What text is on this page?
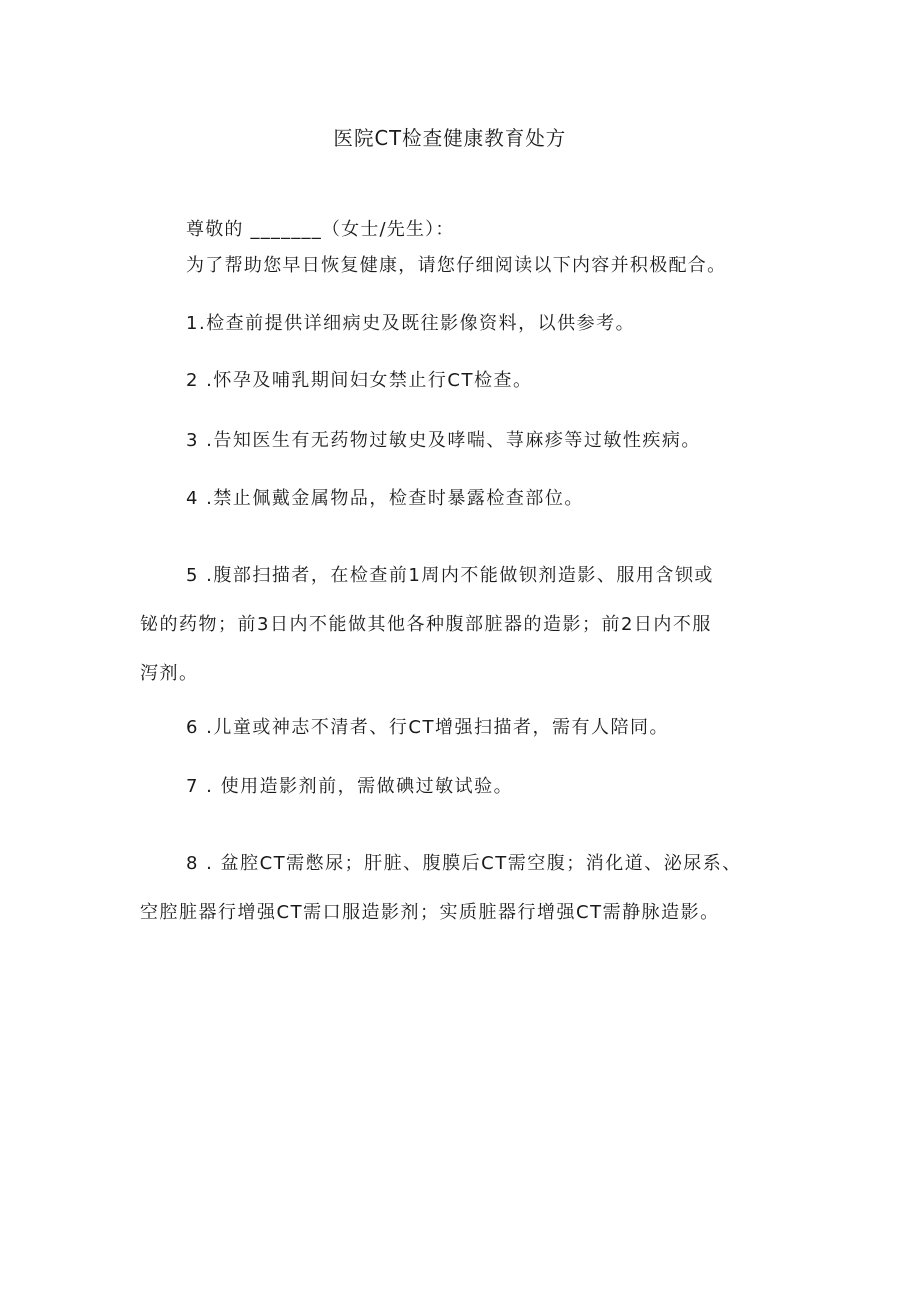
医院CT检查健康教育处方
尊敬的 _______（女士/先生）：
为了帮助您早日恢复健康，请您仔细阅读以下内容并积极配合。
1.检查前提供详细病史及既往影像资料，以供参考。
2 .怀孕及哺乳期间妇女禁止行CT检查。
3 .告知医生有无药物过敏史及哮喘、荨麻疹等过敏性疾病。
4 .禁止佩戴金属物品，检查时暴露检查部位。
5 .腹部扫描者，在检查前1周内不能做钡剂造影、服用含钡或
铋的药物；前3日内不能做其他各种腹部脏器的造影；前2日内不服
泻剂。
6 .儿童或神志不清者、行CT增强扫描者，需有人陪同。
7 . 使用造影剂前，需做碘过敏试验。
8 . 盆腔CT需憋尿；肝脏、腹膜后CT需空腹；消化道、泌尿系、
空腔脏器行增强CT需口服造影剂；实质脏器行增强CT需静脉造影。
